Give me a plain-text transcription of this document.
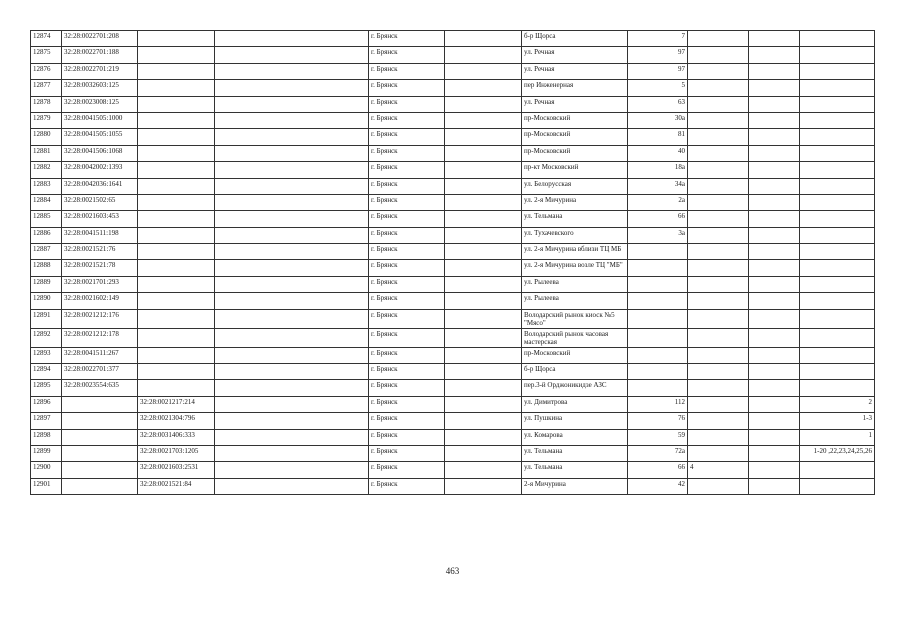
12874	32:28:0022701:208			г. Брянск		б-р Щорса	7			
12875	32:28:0022701:188			г. Брянск		ул. Речная	97			
12876	32:28:0022701:219			г. Брянск		ул. Речная	97			
12877	32:28:0032603:125			г. Брянск		пер Инженерная	5			
12878	32:28:0023008:125			г. Брянск		ул. Речная	63			
12879	32:28:0041505:1000			г. Брянск		пр-Московский	30а			
12880	32:28:0041505:1055			г. Брянск		пр-Московский	81			
12881	32:28:0041506:1068			г. Брянск		пр-Московский	40			
12882	32:28:0042002:1393			г. Брянск		пр-кт Московский	18а			
12883	32:28:0042036:1641			г. Брянск		ул. Белорусская	34а			
12884	32:28:0021502:65			г. Брянск		ул. 2-я Мичурина	2а			
12885	32:28:0021603:453			г. Брянск		ул. Тельмана	66			
12886	32:28:0041511:198			г. Брянск		ул. Тухачевского	3а			
12887	32:28:0021521:76			г. Брянск		ул. 2-я Мичурина вблизи ТЦ МБ				
12888	32:28:0021521:78			г. Брянск		ул. 2-я Мичурина возле ТЦ "МБ"				
12889	32:28:0021701:293			г. Брянск		ул. Рылеева				
12890	32:28:0021602:149			г. Брянск		ул. Рылеева				
12891	32:28:0021212:176			г. Брянск		Володарский рынок киоск №5 "Мясо"				
12892	32:28:0021212:178			г. Брянск		Володарский рынок часовая мастерская				
12893	32:28:0041511:267			г. Брянск		пр-Московский				
12894	32:28:0022701:377			г. Брянск		б-р Щорса				
12895	32:28:0023554:635			г. Брянск		пер.3-й Орджоникидзе АЗС				
12896		32:28:0021217:214		г. Брянск		ул. Димитрова	112			2
12897		32:28:0021304:796		г. Брянск		ул. Пушкина	76			1-3
12898		32:28:0031406:333		г. Брянск		ул. Комарова	59			1
12899		32:28:0021703:1205		г. Брянск		ул. Тельмана	72а			1-20 ,22,23,24,25,26
12900		32:28:0021603:2531		г. Брянск		ул. Тельмана	66	4		
12901		32:28:0021521:84		г. Брянск		2-я Мичурина	42			
463
